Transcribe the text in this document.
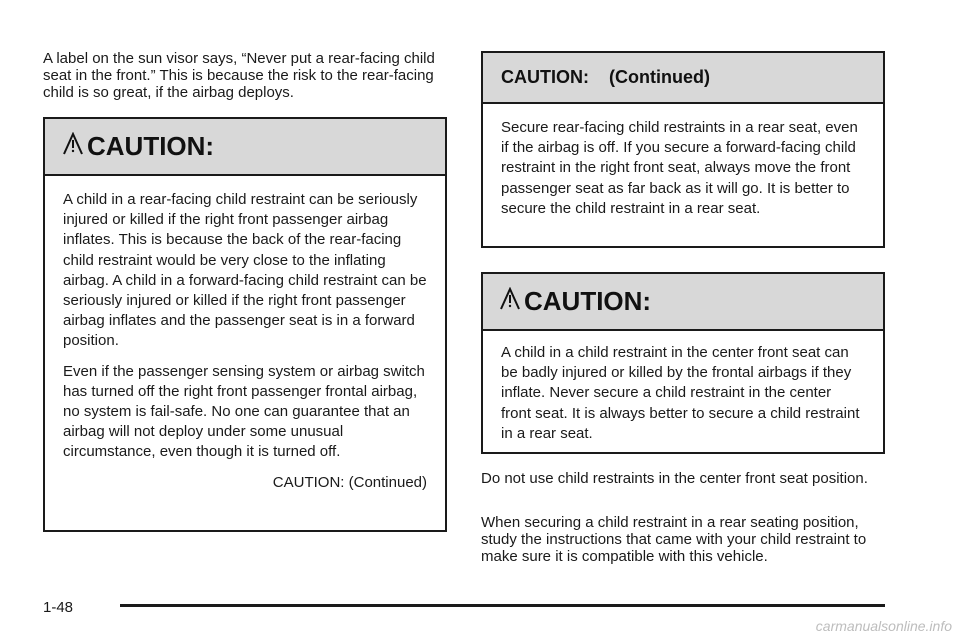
A label on the sun visor says, “Never put a rear-facing child seat in the front.” This is because the risk to the rear-facing child is so great, if the airbag deploys.

CAUTION:

A child in a rear-facing child restraint can be seriously injured or killed if the right front passenger airbag inflates. This is because the back of the rear-facing child restraint would be very close to the inflating airbag. A child in a forward-facing child restraint can be seriously injured or killed if the right front passenger airbag inflates and the passenger seat is in a forward position.

Even if the passenger sensing system or airbag switch has turned off the right front passenger frontal airbag, no system is fail-safe. No one can guarantee that an airbag will not deploy under some unusual circumstance, even though it is turned off.

CAUTION: (Continued)

CAUTION:    (Continued)

Secure rear-facing child restraints in a rear seat, even if the airbag is off. If you secure a forward-facing child restraint in the right front seat, always move the front passenger seat as far back as it will go. It is better to secure the child restraint in a rear seat.

CAUTION:

A child in a child restraint in the center front seat can be badly injured or killed by the frontal airbags if they inflate. Never secure a child restraint in the center front seat. It is always better to secure a child restraint in a rear seat.

Do not use child restraints in the center front seat position.

When securing a child restraint in a rear seating position, study the instructions that came with your child restraint to make sure it is compatible with this vehicle.

1-48
carmanualsonline.info
